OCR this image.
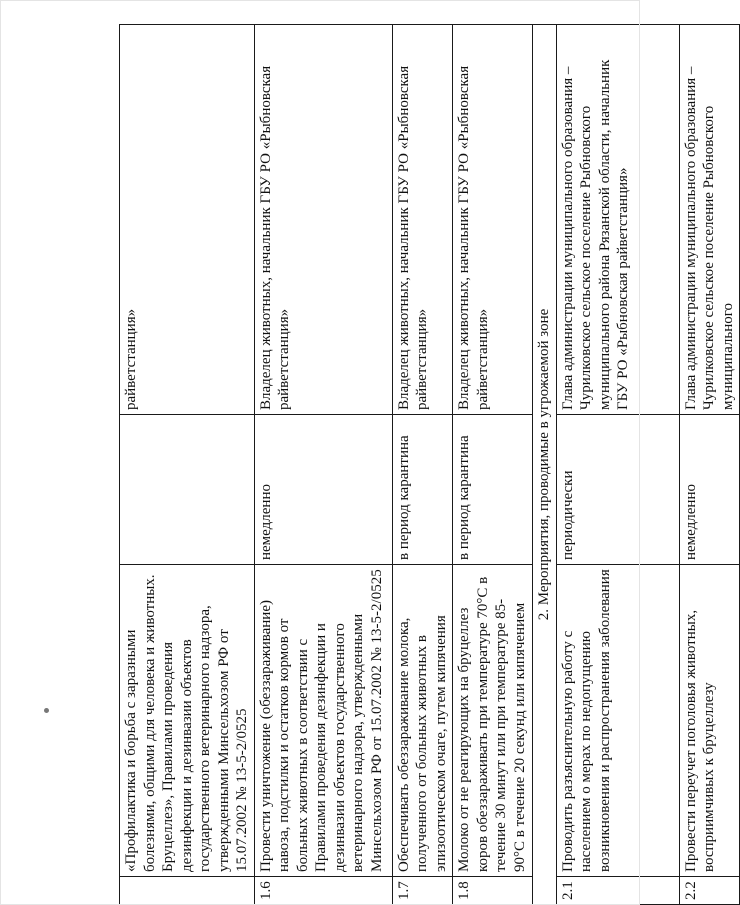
	«Профилактика и борьба с заразными болезнями, общими для человека и животных. Бруцеллез», Правилами проведения дезинфекции и дезинвазии объектов государственного ветеринарного надзора, утвержденными Минсельхозом РФ от 15.07.2002 № 13-5-2/0525		райветстанция»
1.6	Провести уничтожение (обеззараживание) навоза, подстилки и остатков кормов от больных животных в соответствии с Правилами проведения дезинфекции и дезинвазии объектов государственного ветеринарного надзора, утвержденными Минсельхозом РФ от 15.07.2002 № 13-5-2/0525	немедленно	Владелец животных, начальник ГБУ РО «Рыбновская райветстанция»
1.7	Обеспечивать обеззараживание молока, полученного от больных животных в эпизоотическом очаге, путем кипячения	в период карантина	Владелец животных, начальник ГБУ РО «Рыбновская райветстанция»
1.8	Молоко от не реагирующих на бруцеллез коров обеззараживать при температуре 70°С в течение 30 минут или при температуре 85-90°С в течение 20 секунд или кипячением	в период карантина	Владелец животных, начальник ГБУ РО «Рыбновская райветстанция»
2. Мероприятия, проводимые в угрожаемой зоне			
2.1	Проводить разъяснительную работу с населением о мерах по недопущению возникновения и распространения заболевания	периодически	Глава администрации муниципального образования – Чурилковское сельское поселение Рыбновского муниципального района Рязанской области, начальник ГБУ РО «Рыбновская райветстанция»
2.2	Провести переучет поголовья животных, восприимчивых к бруцеллезу	немедленно	Глава администрации муниципального образования – Чурилковское сельское поселение Рыбновского муниципального
